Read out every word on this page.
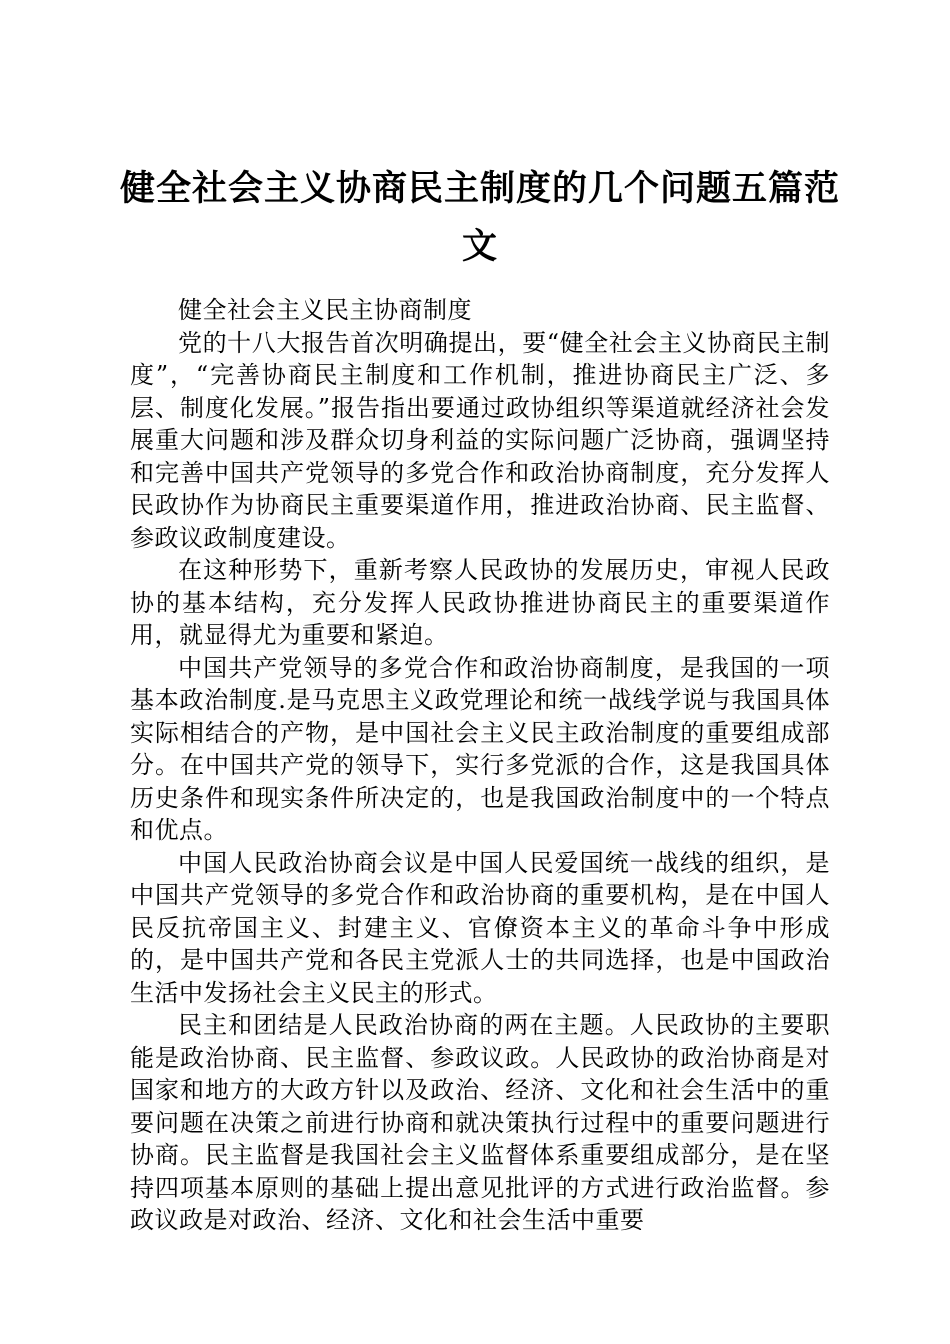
健全社会主义协商民主制度的几个问题五篇范文

健全社会主义民主协商制度

党的十八大报告首次明确提出，要“健全社会主义协商民主制度”，“完善协商民主制度和工作机制，推进协商民主广泛、多层、制度化发展。”报告指出要通过政协组织等渠道就经济社会发展重大问题和涉及群众切身利益的实际问题广泛协商，强调坚持和完善中国共产党领导的多党合作和政治协商制度，充分发挥人民政协作为协商民主重要渠道作用，推进政治协商、民主监督、参政议政制度建设。

在这种形势下，重新考察人民政协的发展历史，审视人民政协的基本结构，充分发挥人民政协推进协商民主的重要渠道作用，就显得尤为重要和紧迫。

中国共产党领导的多党合作和政治协商制度，是我国的一项基本政治制度.是马克思主义政党理论和统一战线学说与我国具体实际相结合的产物，是中国社会主义民主政治制度的重要组成部分。在中国共产党的领导下，实行多党派的合作，这是我国具体历史条件和现实条件所决定的，也是我国政治制度中的一个特点和优点。

中国人民政治协商会议是中国人民爱国统一战线的组织，是中国共产党领导的多党合作和政治协商的重要机构，是在中国人民反抗帝国主义、封建主义、官僚资本主义的革命斗争中形成的，是中国共产党和各民主党派人士的共同选择，也是中国政治生活中发扬社会主义民主的形式。

民主和团结是人民政治协商的两在主题。人民政协的主要职能是政治协商、民主监督、参政议政。人民政协的政治协商是对国家和地方的大政方针以及政治、经济、文化和社会生活中的重要问题在决策之前进行协商和就决策执行过程中的重要问题进行协商。民主监督是我国社会主义监督体系重要组成部分，是在坚持四项基本原则的基础上提出意见批评的方式进行政治监督。参政议政是对政治、经济、文化和社会生活中重要
